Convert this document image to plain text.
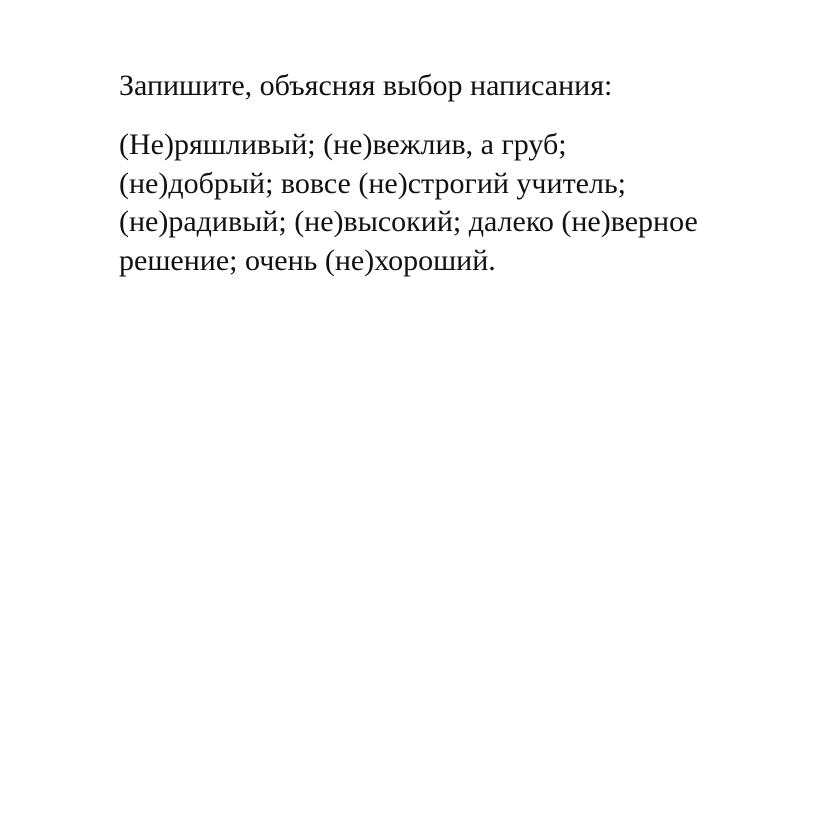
Запишите, объясняя выбор написания:

(Не)ряшливый; (не)вежлив, а груб;
(не)добрый; вовсе (не)строгий учитель;
(не)радивый; (не)высокий; далеко (не)верное
решение; очень (не)хороший.
